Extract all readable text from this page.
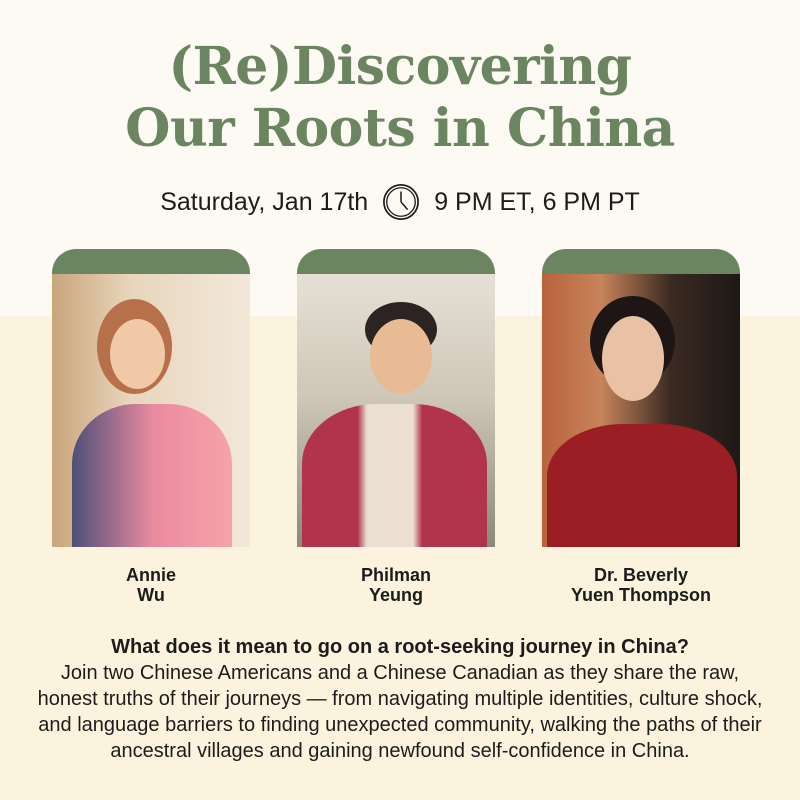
(Re)Discovering
Our Roots in China
Saturday, Jan 17th	9 PM ET, 6 PM PT
Annie
Wu
Philman
Yeung
Dr. Beverly
Yuen Thompson
What does it mean to go on a root-seeking journey in China?
Join two Chinese Americans and a Chinese Canadian as they share the raw, honest truths of their journeys — from navigating multiple identities, culture shock, and language barriers to finding unexpected community, walking the paths of their ancestral villages and gaining newfound self-confidence in China.
